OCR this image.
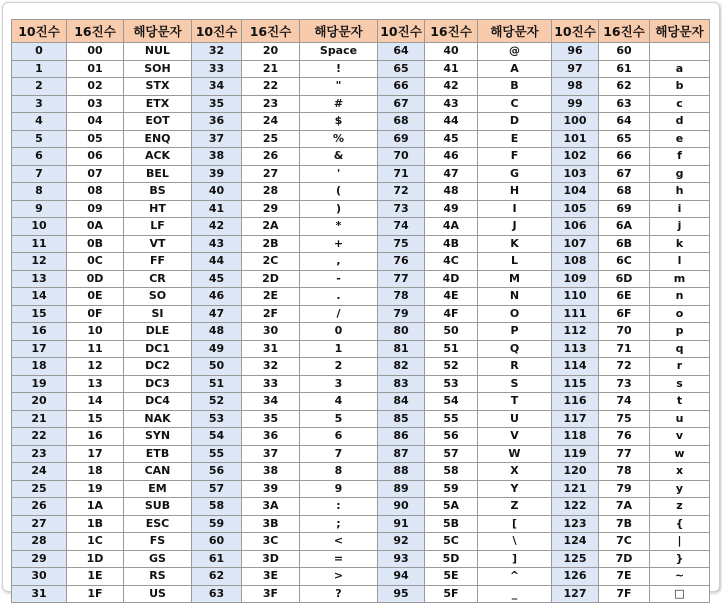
10진수	16진수	해당문자	10진수	16진수	해당문자	10진수	16진수	해당문자	10진수	16진수	해당문자
0	00	NUL	32	20	Space	64	40	@	96	60	
1	01	SOH	33	21	!	65	41	A	97	61	a
2	02	STX	34	22	"	66	42	B	98	62	b
3	03	ETX	35	23	#	67	43	C	99	63	c
4	04	EOT	36	24	$	68	44	D	100	64	d
5	05	ENQ	37	25	%	69	45	E	101	65	e
6	06	ACK	38	26	&	70	46	F	102	66	f
7	07	BEL	39	27	'	71	47	G	103	67	g
8	08	BS	40	28	(	72	48	H	104	68	h
9	09	HT	41	29	)	73	49	I	105	69	i
10	0A	LF	42	2A	*	74	4A	J	106	6A	j
11	0B	VT	43	2B	+	75	4B	K	107	6B	k
12	0C	FF	44	2C	,	76	4C	L	108	6C	l
13	0D	CR	45	2D	-	77	4D	M	109	6D	m
14	0E	SO	46	2E	.	78	4E	N	110	6E	n
15	0F	SI	47	2F	/	79	4F	O	111	6F	o
16	10	DLE	48	30	0	80	50	P	112	70	p
17	11	DC1	49	31	1	81	51	Q	113	71	q
18	12	DC2	50	32	2	82	52	R	114	72	r
19	13	DC3	51	33	3	83	53	S	115	73	s
20	14	DC4	52	34	4	84	54	T	116	74	t
21	15	NAK	53	35	5	85	55	U	117	75	u
22	16	SYN	54	36	6	86	56	V	118	76	v
23	17	ETB	55	37	7	87	57	W	119	77	w
24	18	CAN	56	38	8	88	58	X	120	78	x
25	19	EM	57	39	9	89	59	Y	121	79	y
26	1A	SUB	58	3A	:	90	5A	Z	122	7A	z
27	1B	ESC	59	3B	;	91	5B	[	123	7B	{
28	1C	FS	60	3C	<	92	5C	\	124	7C	|
29	1D	GS	61	3D	=	93	5D	]	125	7D	}
30	1E	RS	62	3E	>	94	5E	^	126	7E	~
31	1F	US	63	3F	?	95	5F	_	127	7F	□
